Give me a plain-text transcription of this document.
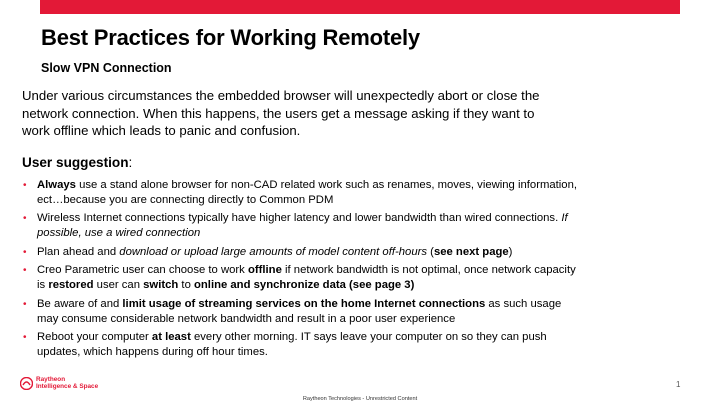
Best Practices for Working Remotely
Slow VPN Connection
Under various circumstances the embedded browser will unexpectedly abort or close the network connection. When this happens, the users get a message asking if they want to work offline which leads to panic and confusion.
User suggestion:
• Always use a stand alone browser for non-CAD related work such as renames, moves, viewing information, ect…because you are connecting directly to Common PDM
• Wireless Internet connections typically have higher latency and lower bandwidth than wired connections. If possible, use a wired connection
• Plan ahead and download or upload large amounts of model content off-hours (see next page)
• Creo Parametric user can choose to work offline if network bandwidth is not optimal, once network capacity is restored user can switch to online and synchronize data (see page 3)
• Be aware of and limit usage of streaming services on the home Internet connections as such usage may consume considerable network bandwidth and result in a poor user experience
• Reboot your computer at least every other morning. IT says leave your computer on so they can push updates, which happens during off hour times.
Raytheon
Intelligence & Space	1
Raytheon Technologies - Unrestricted Content
